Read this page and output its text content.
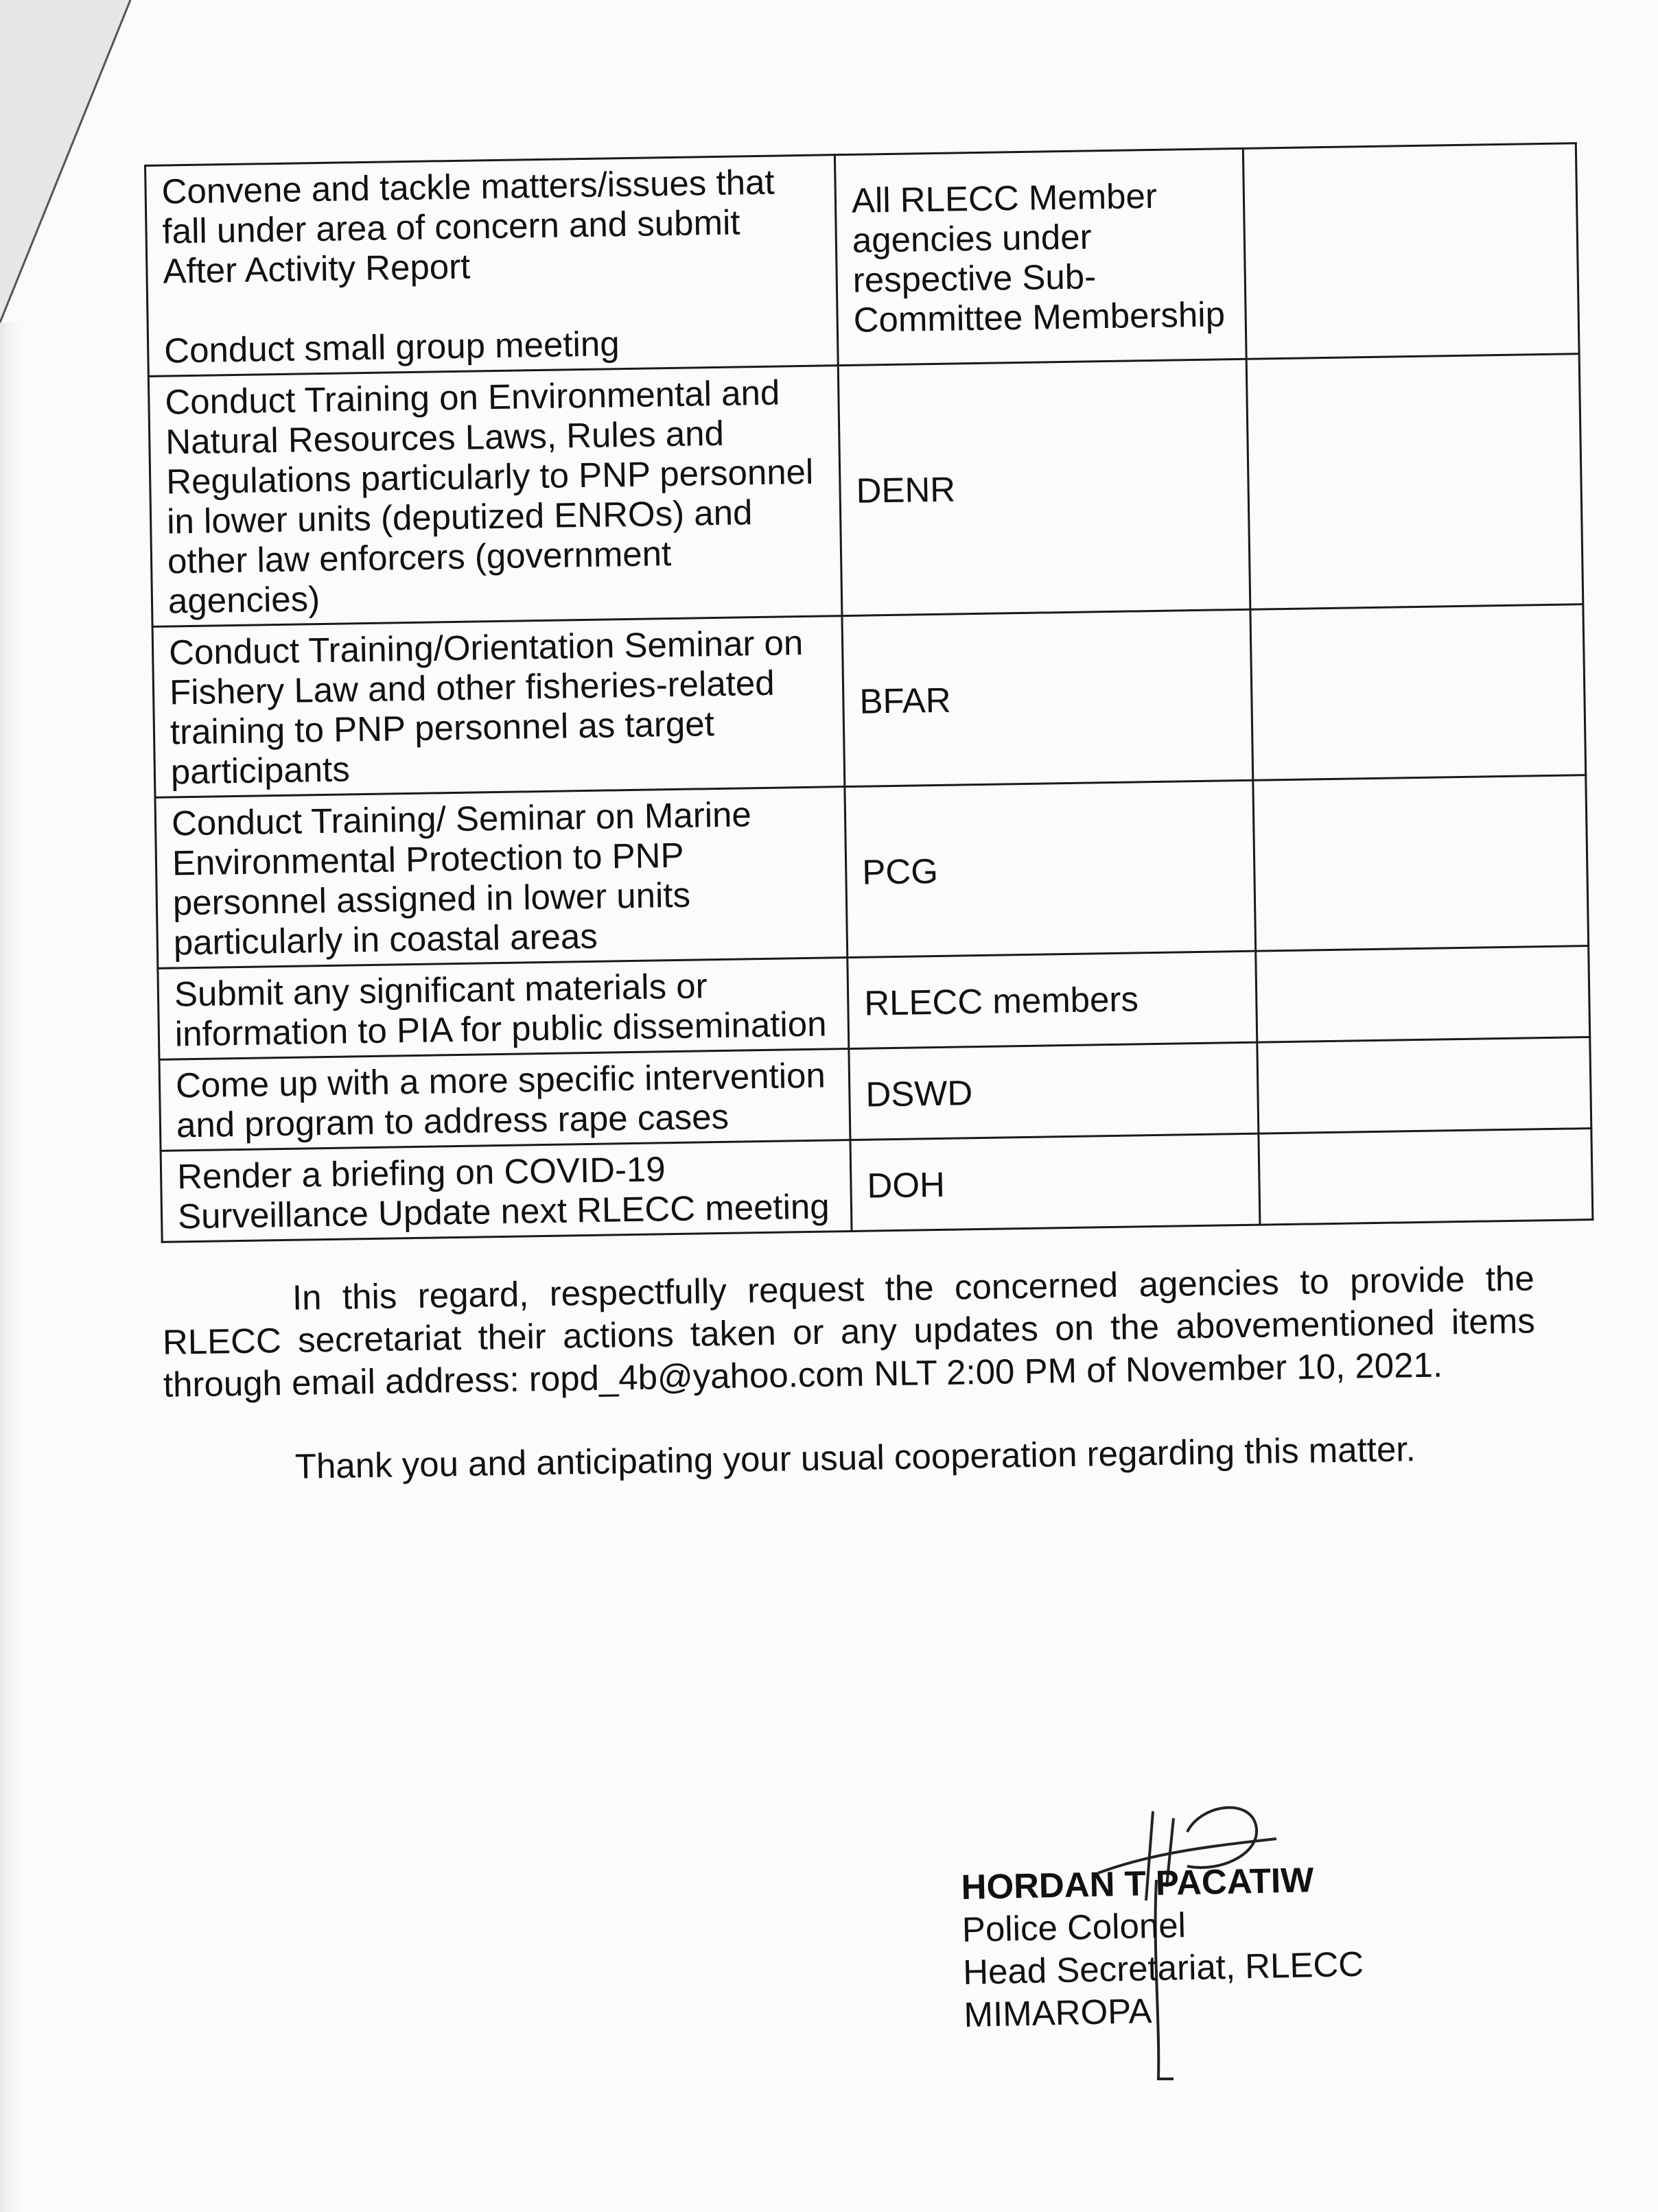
Convene and tackle matters/issues that fall under area of concern and submit After Activity Report
Conduct small group meeting	All RLECC Member agencies under respective Sub-Committee Membership	

Conduct Training on Environmental and Natural Resources Laws, Rules and Regulations particularly to PNP personnel in lower units (deputized ENROs) and other law enforcers (government agencies)	DENR	

Conduct Training/Orientation Seminar on Fishery Law and other fisheries-related training to PNP personnel as target participants	BFAR	

Conduct Training/ Seminar on Marine Environmental Protection to PNP personnel assigned in lower units particularly in coastal areas	PCG	

Submit any significant materials or information to PIA for public dissemination	RLECC members	

Come up with a more specific intervention and program to address rape cases	DSWD	

Render a briefing on COVID-19 Surveillance Update next RLECC meeting	DOH	

In this regard, respectfully request the concerned agencies to provide the RLECC secretariat their actions taken or any updates on the abovementioned items through email address: ropd_4b@yahoo.com NLT 2:00 PM of November 10, 2021.

Thank you and anticipating your usual cooperation regarding this matter.

HORDAN T PACATIW
Police Colonel
Head Secretariat, RLECC
MIMAROPA
